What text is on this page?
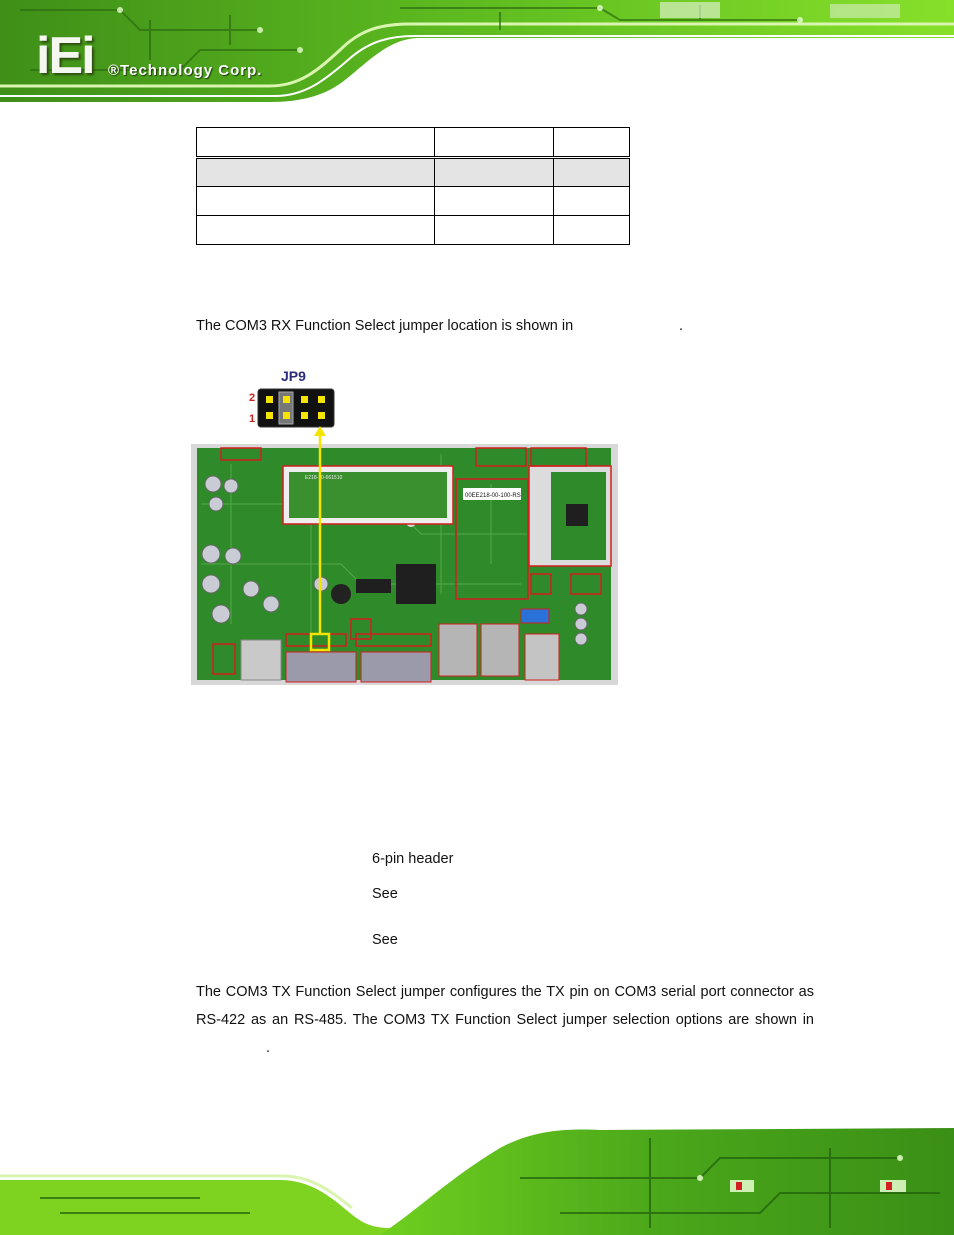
iEi ®Technology Corp.

The COM3 RX Function Select jumper location is shown in	.
JP9
2
1
00EE218-00-100-RS
E218-10-661510
6-pin header
See
See
The COM3 TX Function Select jumper configures the TX pin on COM3 serial port connector as RS-422 as an RS-485. The COM3 TX Function Select jumper selection options are shown in.
